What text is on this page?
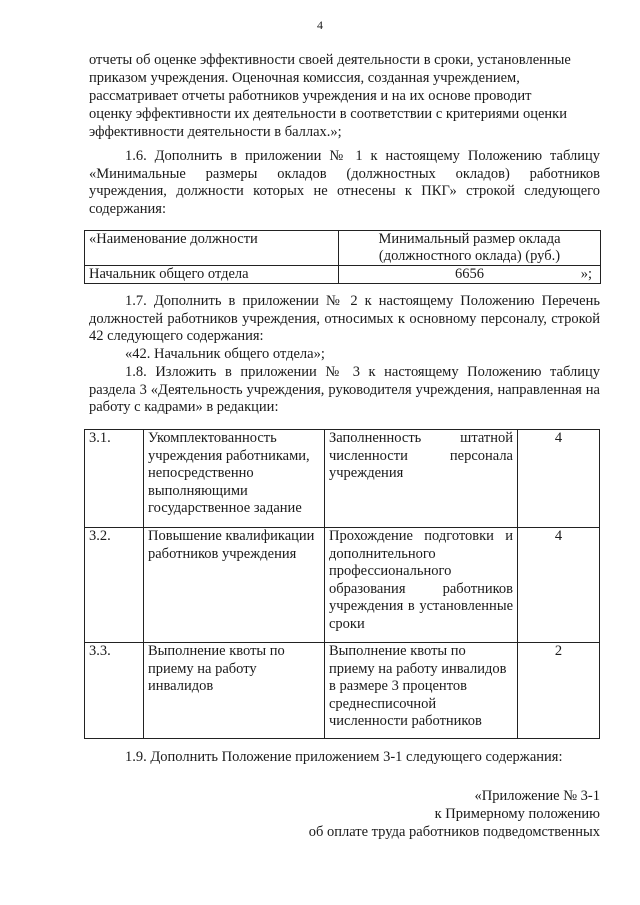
4

отчеты об оценке эффективности своей деятельности в сроки, установленные

приказом учреждения. Оценочная комиссия, созданная учреждением,

рассматривает отчеты работников учреждения и на их основе проводит

оценку эффективности их деятельности в соответствии с критериями оценки

эффективности деятельности в баллах.»;

1.6. Дополнить в приложении № 1 к настоящему Положению таблицу «Минимальные размеры окладов (должностных окладов) работников учреждения, должности которых не отнесены к ПКГ» строкой следующего содержания:

«Наименование должности	Минимальный размер оклада
(должностного оклада) (руб.)

Начальник общего отдела	6656 »;

1.7. Дополнить в приложении № 2 к настоящему Положению Перечень должностей работников учреждения, относимых к основному персоналу, строкой 42 следующего содержания:

«42. Начальник общего отдела»;

1.8. Изложить в приложении № 3 к настоящему Положению таблицу раздела 3 «Деятельность учреждения, руководителя учреждения, направленная на работу с кадрами» в редакции:

3.1.	Укомплектованность учреждения работниками, непосредственно выполняющими государственное задание	Заполненность штатной численности персонала учреждения	4
3.2.	Повышение квалификации работников учреждения	Прохождение подготовки и дополнительного профессионального образования работников учреждения в установленные сроки	4
3.3.	Выполнение квоты по приему на работу инвалидов	Выполнение квоты по приему на работу инвалидов в размере 3 процентов среднесписочной численности работников	2

1.9. Дополнить Положение приложением 3-1 следующего содержания:

«Приложение № 3-1

к Примерному положению

об оплате труда работников подведомственных
